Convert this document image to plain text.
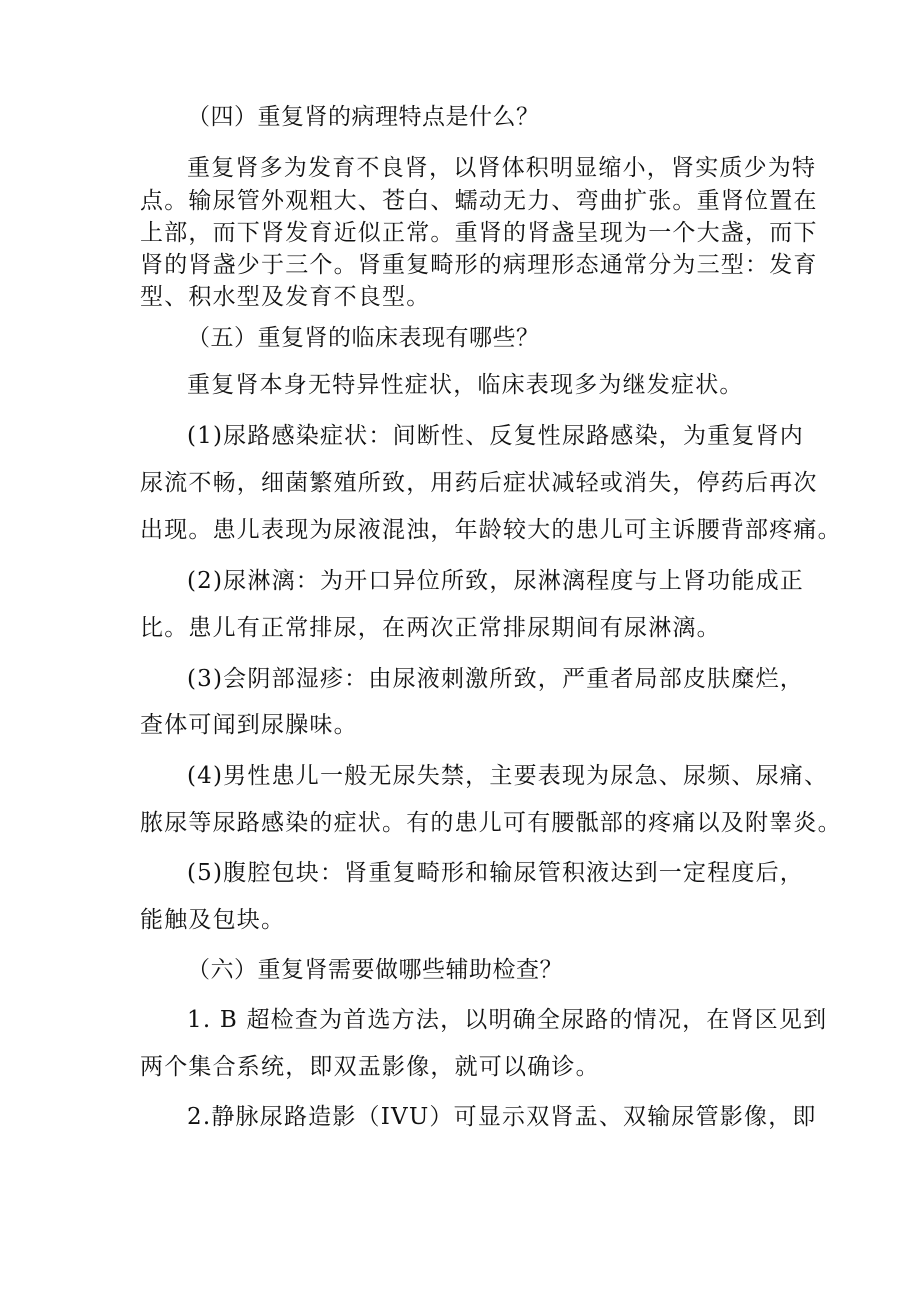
（四）重复肾的病理特点是什么？
重复肾多为发育不良肾，以肾体积明显缩小，肾实质少为特
点。输尿管外观粗大、苍白、蠕动无力、弯曲扩张。重肾位置在
上部，而下肾发育近似正常。重肾的肾盏呈现为一个大盏，而下
肾的肾盏少于三个。肾重复畸形的病理形态通常分为三型：发育
型、积水型及发育不良型。
（五）重复肾的临床表现有哪些？
重复肾本身无特异性症状，临床表现多为继发症状。
(1)尿路感染症状：间断性、反复性尿路感染，为重复肾内
尿流不畅，细菌繁殖所致，用药后症状减轻或消失，停药后再次
出现。患儿表现为尿液混浊，年龄较大的患儿可主诉腰背部疼痛。
(2)尿淋漓：为开口异位所致，尿淋漓程度与上肾功能成正
比。患儿有正常排尿，在两次正常排尿期间有尿淋漓。
(3)会阴部湿疹：由尿液刺激所致，严重者局部皮肤糜烂，
查体可闻到尿臊味。
(4)男性患儿一般无尿失禁，主要表现为尿急、尿频、尿痛、
脓尿等尿路感染的症状。有的患儿可有腰骶部的疼痛以及附睾炎。
(5)腹腔包块：肾重复畸形和输尿管积液达到一定程度后，
能触及包块。
（六）重复肾需要做哪些辅助检查？
1. B 超检查为首选方法，以明确全尿路的情况，在肾区见到
两个集合系统，即双盂影像，就可以确诊。
2.静脉尿路造影（IVU）可显示双肾盂、双输尿管影像，即
